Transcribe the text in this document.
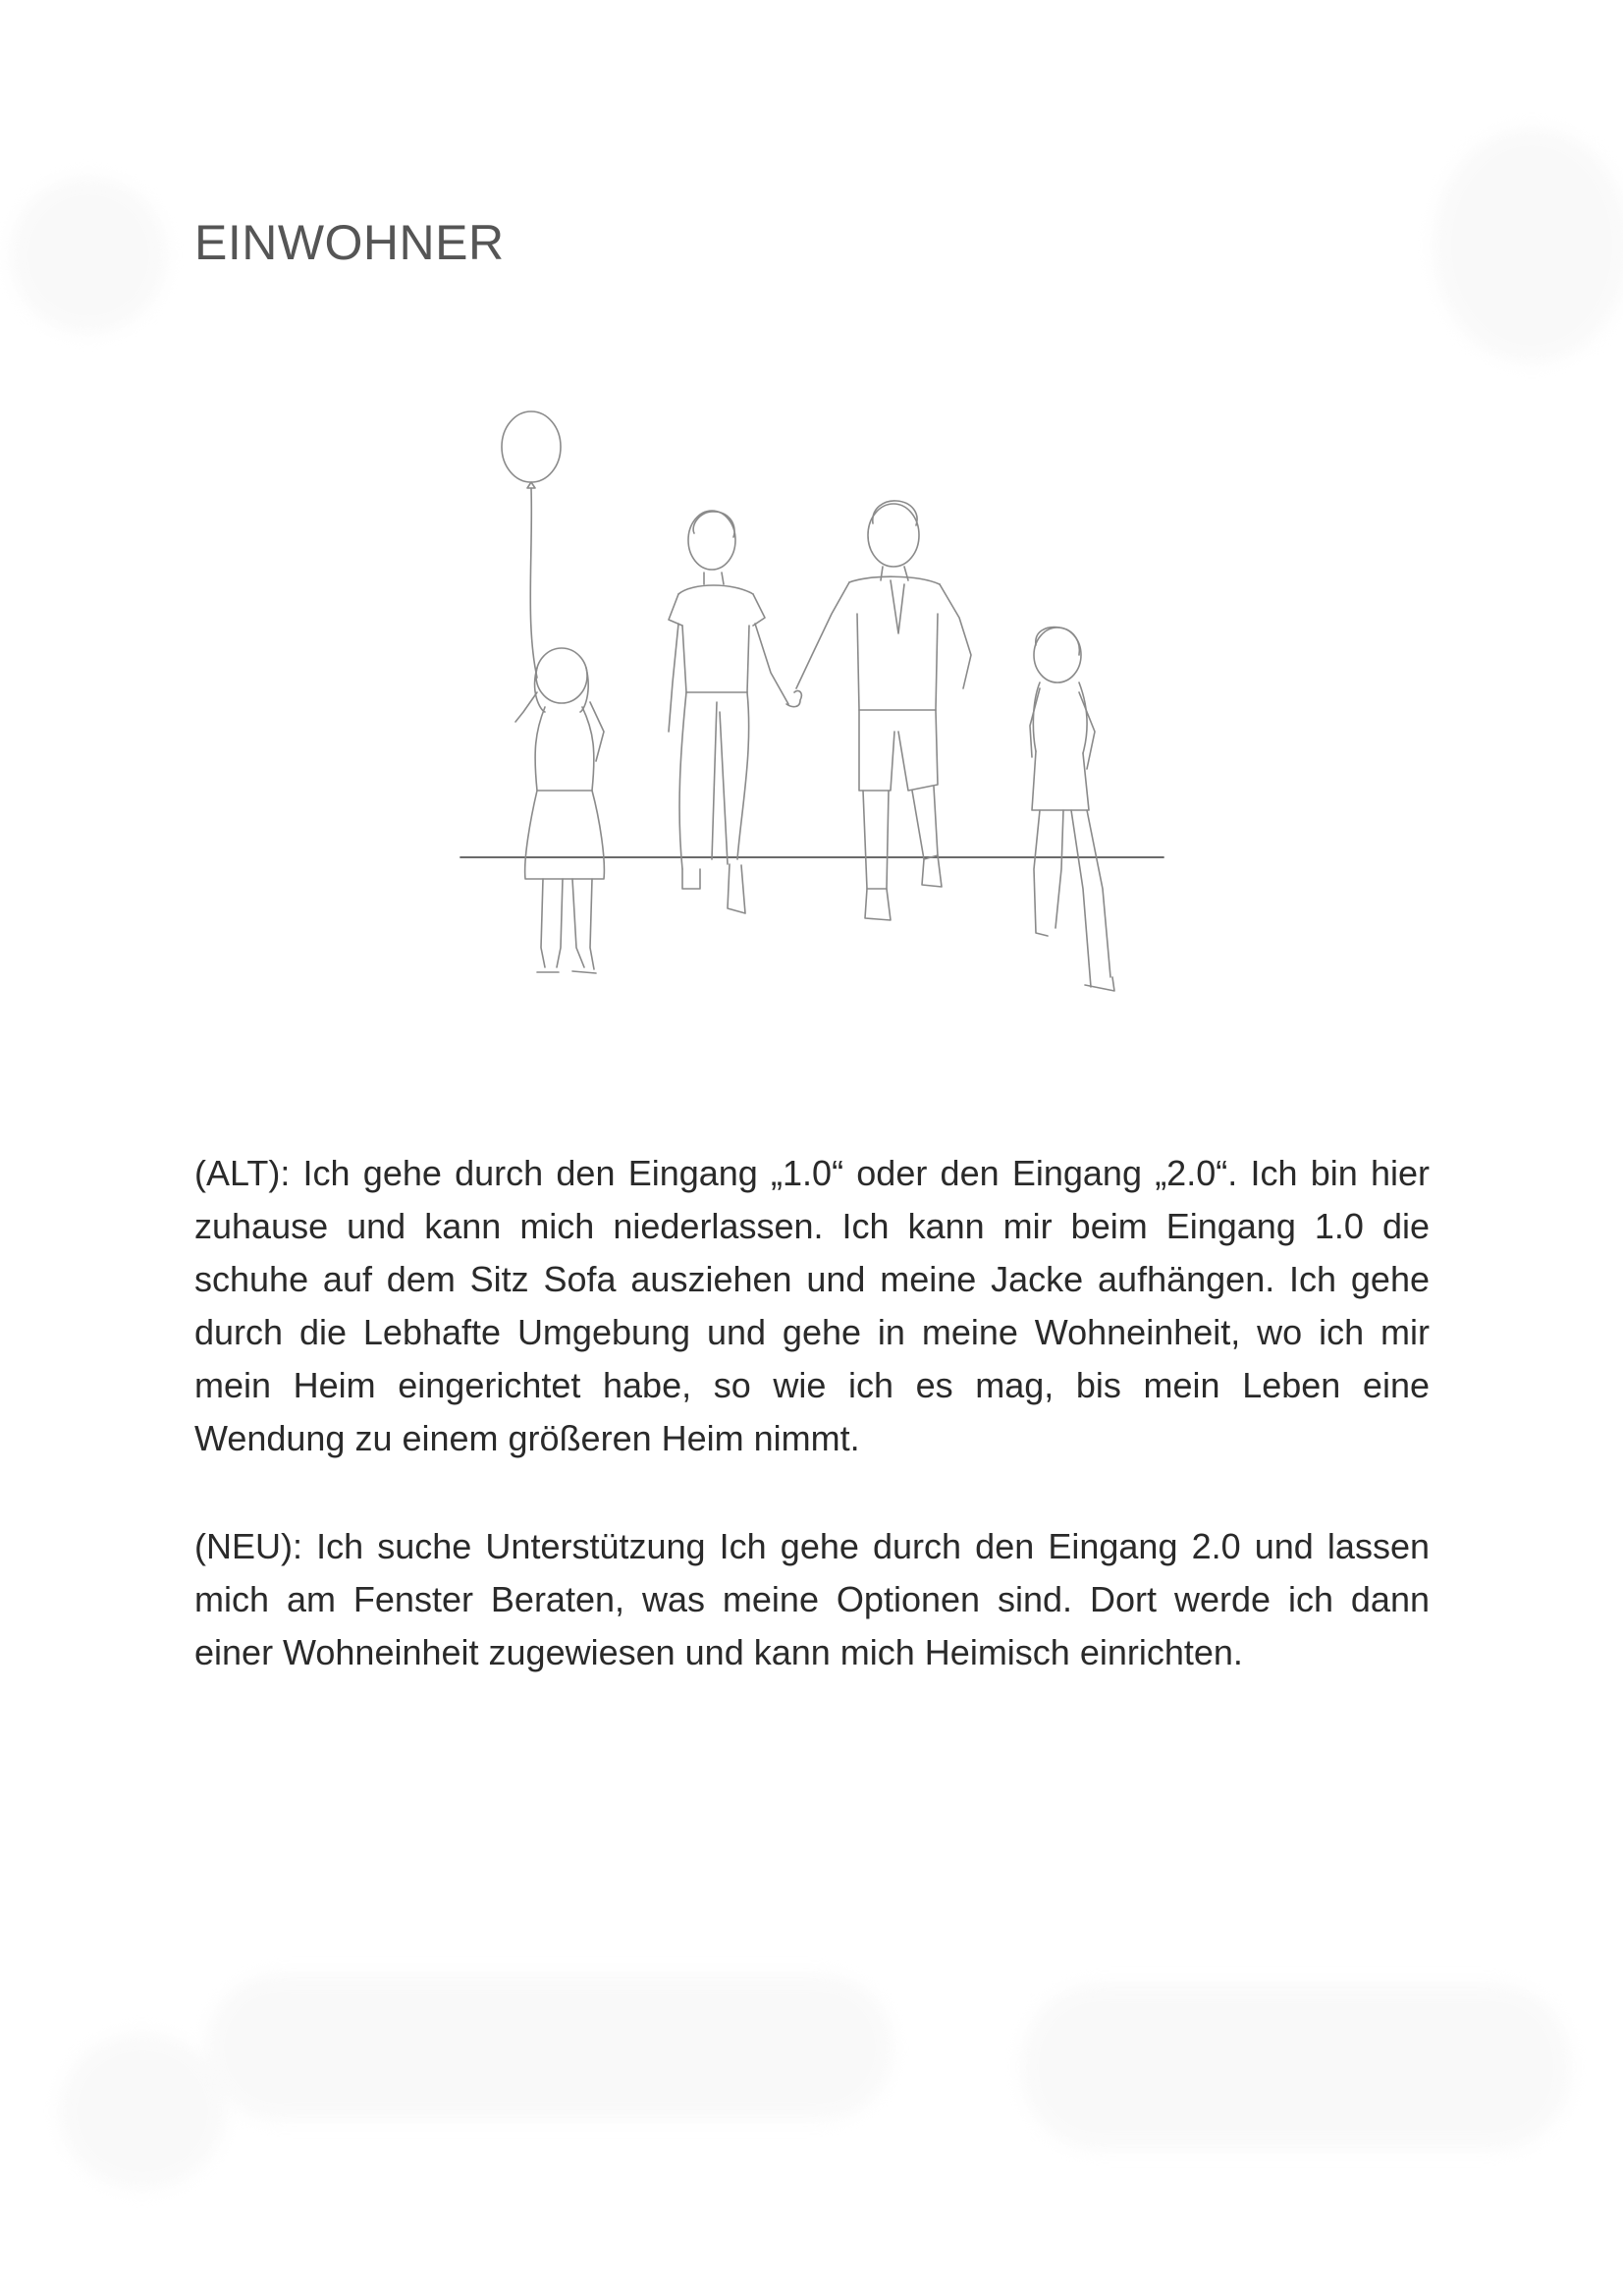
EINWOHNER

(ALT): Ich gehe durch den Eingang „1.0“ oder den Eingang „2.0“. Ich bin hier zuhause und kann mich niederlassen. Ich kann mir beim Eingang 1.0 die schuhe auf dem Sitz Sofa ausziehen und meine Jacke aufhängen. Ich gehe durch die Lebhafte Umgebung und gehe in meine Wohneinheit, wo ich mir mein Heim eingerichtet habe, so wie ich es mag, bis mein Leben eine Wendung zu einem größeren Heim nimmt.

(NEU): Ich suche Unterstützung Ich gehe durch den Eingang 2.0 und lassen mich am Fenster Beraten, was meine Optionen sind. Dort werde ich dann einer Wohneinheit zugewiesen und kann mich Heimisch einrichten.
